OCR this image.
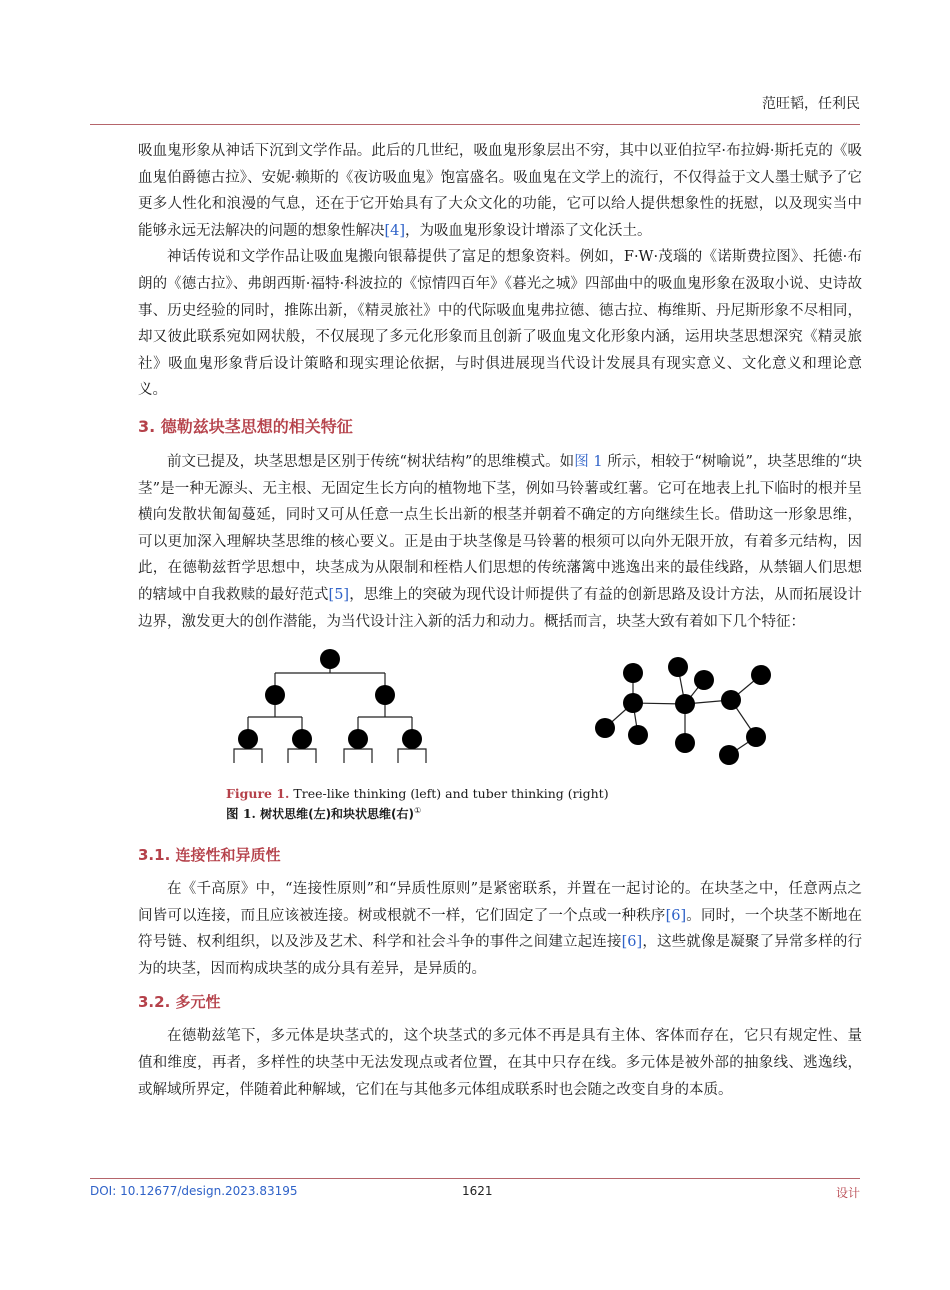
范旺韬，任利民

吸血鬼形象从神话下沉到文学作品。此后的几世纪，吸血鬼形象层出不穷，其中以亚伯拉罕·布拉姆·斯托克的《吸血鬼伯爵德古拉》、安妮·赖斯的《夜访吸血鬼》饱富盛名。吸血鬼在文学上的流行，不仅得益于文人墨士赋予了它更多人性化和浪漫的气息，还在于它开始具有了大众文化的功能，它可以给人提供想象性的抚慰，以及现实当中能够永远无法解决的问题的想象性解决[4]，为吸血鬼形象设计增添了文化沃土。

神话传说和文学作品让吸血鬼搬向银幕提供了富足的想象资料。例如，F·W·茂瑙的《诺斯费拉图》、托德·布朗的《德古拉》、弗朗西斯·福特·科波拉的《惊情四百年》《暮光之城》四部曲中的吸血鬼形象在汲取小说、史诗故事、历史经验的同时，推陈出新，《精灵旅社》中的代际吸血鬼弗拉德、德古拉、梅维斯、丹尼斯形象不尽相同，却又彼此联系宛如网状般，不仅展现了多元化形象而且创新了吸血鬼文化形象内涵，运用块茎思想深究《精灵旅社》吸血鬼形象背后设计策略和现实理论依据，与时俱进展现当代设计发展具有现实意义、文化意义和理论意义。

3. 德勒兹块茎思想的相关特征

前文已提及，块茎思想是区别于传统“树状结构”的思维模式。如图 1 所示，相较于“树喻说”，块茎思维的“块茎”是一种无源头、无主根、无固定生长方向的植物地下茎，例如马铃薯或红薯。它可在地表上扎下临时的根并呈横向发散状匍匐蔓延，同时又可从任意一点生长出新的根茎并朝着不确定的方向继续生长。借助这一形象思维，可以更加深入理解块茎思维的核心要义。正是由于块茎像是马铃薯的根须可以向外无限开放，有着多元结构，因此，在德勒兹哲学思想中，块茎成为从限制和桎梏人们思想的传统藩篱中逃逸出来的最佳线路，从禁锢人们思想的辖域中自我救赎的最好范式[5]，思维上的突破为现代设计师提供了有益的创新思路及设计方法，从而拓展设计边界，激发更大的创作潜能，为当代设计注入新的活力和动力。概括而言，块茎大致有着如下几个特征：

Figure 1. Tree-like thinking (left) and tuber thinking (right)
图 1. 树状思维(左)和块状思维(右)①
3.1. 连接性和异质性

在《千高原》中，“连接性原则”和“异质性原则”是紧密联系，并置在一起讨论的。在块茎之中，任意两点之间皆可以连接，而且应该被连接。树或根就不一样，它们固定了一个点或一种秩序[6]。同时，一个块茎不断地在符号链、权利组织，以及涉及艺术、科学和社会斗争的事件之间建立起连接[6]，这些就像是凝聚了异常多样的行为的块茎，因而构成块茎的成分具有差异，是异质的。

3.2. 多元性

在德勒兹笔下，多元体是块茎式的，这个块茎式的多元体不再是具有主体、客体而存在，它只有规定性、量值和维度，再者，多样性的块茎中无法发现点或者位置，在其中只存在线。多元体是被外部的抽象线、逃逸线，或解域所界定，伴随着此种解域，它们在与其他多元体组成联系时也会随之改变自身的本质。

DOI: 10.12677/design.2023.83195	1621	设计
